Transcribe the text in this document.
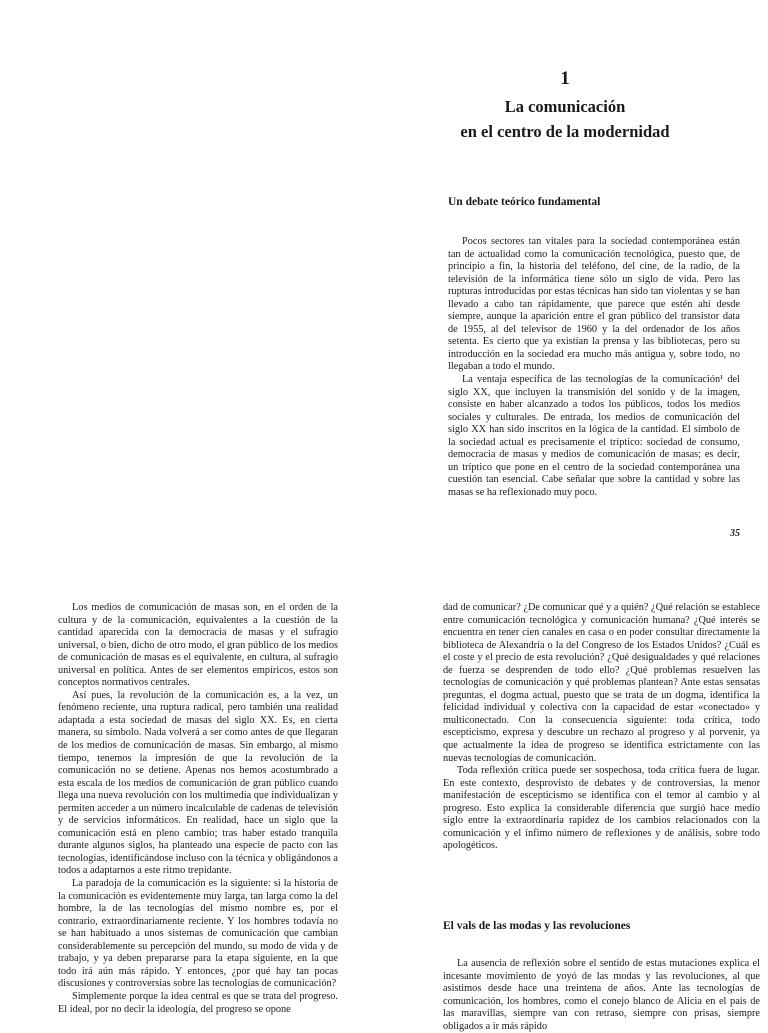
1
La comunicación
en el centro de la modernidad
Un debate teórico fundamental

Pocos sectores tan vitales para la sociedad contemporánea están tan de actualidad como la comunicación tecnológica, puesto que, de principio a fin, la historia del teléfono, del cine, de la radio, de la televisión de la informática tiene sólo un siglo de vida. Pero las rupturas introducidas por estas técnicas han sido tan violentas y se han llevado a cabo tan rápidamente, que parece que estén ahí desde siempre, aunque la aparición entre el gran público del transistor data de 1955, al del televisor de 1960 y la del ordenador de los años setenta. Es cierto que ya existían la prensa y las bibliotecas, pero su introducción en la sociedad era mucho más antigua y, sobre todo, no llegaban a todo el mundo.

La ventaja específica de las tecnologías de la comunicación¹ del siglo XX, que incluyen la transmisión del sonido y de la imagen, consiste en haber alcanzado a todos los públicos, todos los medios sociales y culturales. De entrada, los medios de comunicación del siglo XX han sido inscritos en la lógica de la cantidad. El símbolo de la sociedad actual es precisamente el tríptico: sociedad de consumo, democracia de masas y medios de comunicación de masas; es decir, un tríptico que pone en el centro de la sociedad contemporánea una cuestión tan esencial. Cabe señalar que sobre la cantidad y sobre las masas se ha reflexionado muy poco.

35

Los medios de comunicación de masas son, en el orden de la cultura y de la comunicación, equivalentes a la cuestión de la cantidad aparecida con la democracia de masas y el sufragio universal, o bien, dicho de otro modo, el gran público de los medios de comunicación de masas es el equivalente, en cultura, al sufragio universal en política. Antes de ser elementos empíricos, estos son conceptos normativos centrales.

Así pues, la revolución de la comunicación es, a la vez, un fenómeno reciente, una ruptura radical, pero también una realidad adaptada a esta sociedad de masas del siglo XX. Es, en cierta manera, su símbolo. Nada volverá a ser como antes de que llegaran de los medios de comunicación de masas. Sin embargo, al mismo tiempo, tenemos la impresión de que la revolución de la comunicación no se detiene. Apenas nos hemos acostumbrado a esta escala de los medios de comunicación de gran público cuando llega una nueva revolución con los multimedia que individualizan y permiten acceder a un número incalculable de cadenas de televisión y de servicios informáticos. En realidad, hace un siglo que la comunicación está en pleno cambio; tras haber estado tranquila durante algunos siglos, ha planteado una especie de pacto con las tecnologías, identificándose incluso con la técnica y obligándonos a todos a adaptarnos a este ritmo trepidante.

La paradoja de la comunicación es la siguiente: si la historia de la comunicación es evidentemente muy larga, tan larga como la del hombre, la de las tecnologías del mismo nombre es, por el contrario, extraordinariamente reciente. Y los hombres todavía no se han habituado a unos sistemas de comunicación que cambian considerablemente su percepción del mundo, su modo de vida y de trabajo, y ya deben prepararse para la etapa siguiente, en la que todo irá aún más rápido. Y entonces, ¿por qué hay tan pocas discusiones y controversias sobre las tecnologías de comunicación?

Simplemente porque la idea central es que se trata del progreso. El ideal, por no decir la ideología, del progreso se opone

dad de comunicar? ¿De comunicar qué y a quién? ¿Qué relación se establece entre comunicación tecnológica y comunicación humana? ¿Qué interés se encuentra en tener cien canales en casa o en poder consultar directamente la biblioteca de Alexandría o la del Congreso de los Estados Unidos? ¿Cuál es el coste y el precio de esta revolución? ¿Qué desigualdades y qué relaciones de fuerza se desprenden de todo ello? ¿Qué problemas resuelven las tecnologías de comunicación y qué problemas plantean? Ante estas sensatas preguntas, el dogma actual, puesto que se trata de un dogma, identifica la felicidad individual y colectiva con la capacidad de estar «conectado» y multiconectado. Con la consecuencia siguiente: toda crítica, todo escepticismo, expresa y descubre un rechazo al progreso y al porvenir, ya que actualmente la idea de progreso se identifica estrictamente con las nuevas tecnologías de comunicación.

Toda reflexión crítica puede ser sospechosa, toda crítica fuera de lugar. En este contexto, desprovisto de debates y de controversias, la menor manifestación de escepticismo se identifica con el temor al cambio y al progreso. Esto explica la considerable diferencia que surgió hace medio siglo entre la extraordinaria rapidez de los cambios relacionados con la comunicación y el ínfimo número de reflexiones y de análisis, sobre todo apologéticos.

El vals de las modas y las revoluciones

La ausencia de reflexión sobre el sentido de estas mutaciones explica el incesante movimiento de yoyó de las modas y las revoluciones, al que asistimos desde hace una treintena de años. Ante las tecnologías de comunicación, los hombres, como el conejo blanco de Alicia en el país de las maravillas, siempre van con retraso, siempre con prisas, siempre obligados a ir más rápido
